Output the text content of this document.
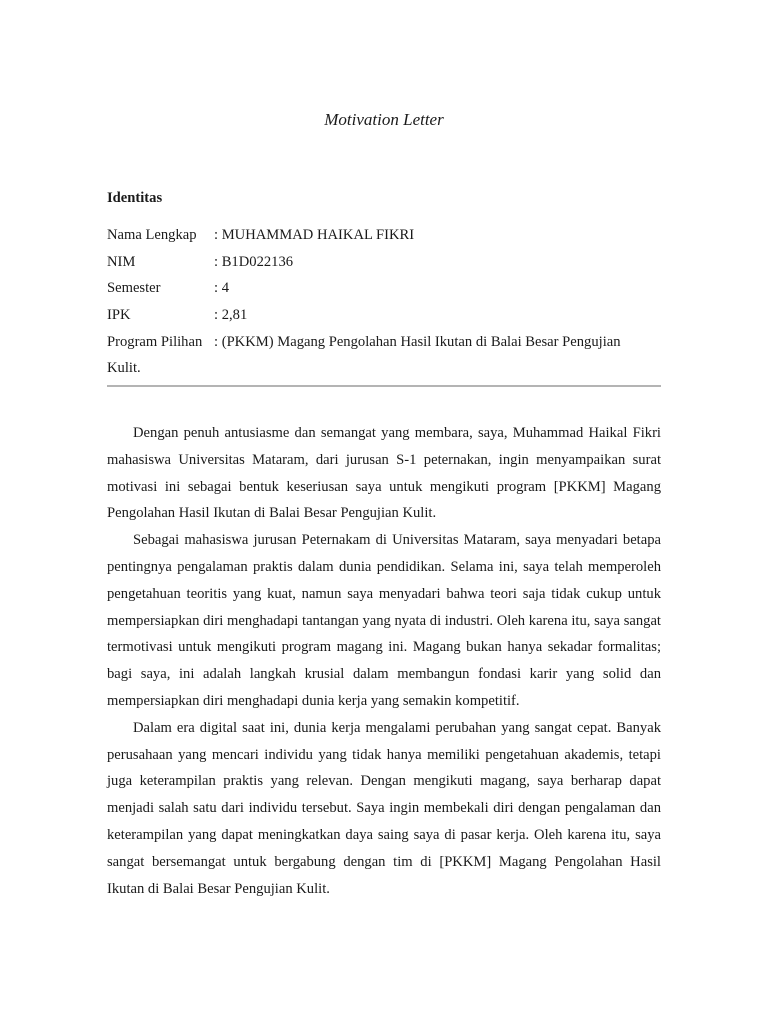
Motivation Letter
Identitas
Nama Lengkap	: MUHAMMAD HAIKAL FIKRI
NIM	: B1D022136
Semester	: 4
IPK	: 2,81
Program Pilihan	: (PKKM) Magang Pengolahan Hasil Ikutan di Balai Besar Pengujian
Kulit.

Dengan penuh antusiasme dan semangat yang membara, saya, Muhammad Haikal Fikri mahasiswa Universitas Mataram, dari jurusan S-1 peternakan, ingin menyampaikan surat motivasi ini sebagai bentuk keseriusan saya untuk mengikuti program [PKKM] Magang Pengolahan Hasil Ikutan di Balai Besar Pengujian Kulit.

Sebagai mahasiswa jurusan Peternakam di Universitas Mataram, saya menyadari betapa pentingnya pengalaman praktis dalam dunia pendidikan. Selama ini, saya telah memperoleh pengetahuan teoritis yang kuat, namun saya menyadari bahwa teori saja tidak cukup untuk mempersiapkan diri menghadapi tantangan yang nyata di industri. Oleh karena itu, saya sangat termotivasi untuk mengikuti program magang ini. Magang bukan hanya sekadar formalitas; bagi saya, ini adalah langkah krusial dalam membangun fondasi karir yang solid dan mempersiapkan diri menghadapi dunia kerja yang semakin kompetitif.

Dalam era digital saat ini, dunia kerja mengalami perubahan yang sangat cepat. Banyak perusahaan yang mencari individu yang tidak hanya memiliki pengetahuan akademis, tetapi juga keterampilan praktis yang relevan. Dengan mengikuti magang, saya berharap dapat menjadi salah satu dari individu tersebut. Saya ingin membekali diri dengan pengalaman dan keterampilan yang dapat meningkatkan daya saing saya di pasar kerja. Oleh karena itu, saya sangat bersemangat untuk bergabung dengan tim di [PKKM] Magang Pengolahan Hasil Ikutan di Balai Besar Pengujian Kulit.
